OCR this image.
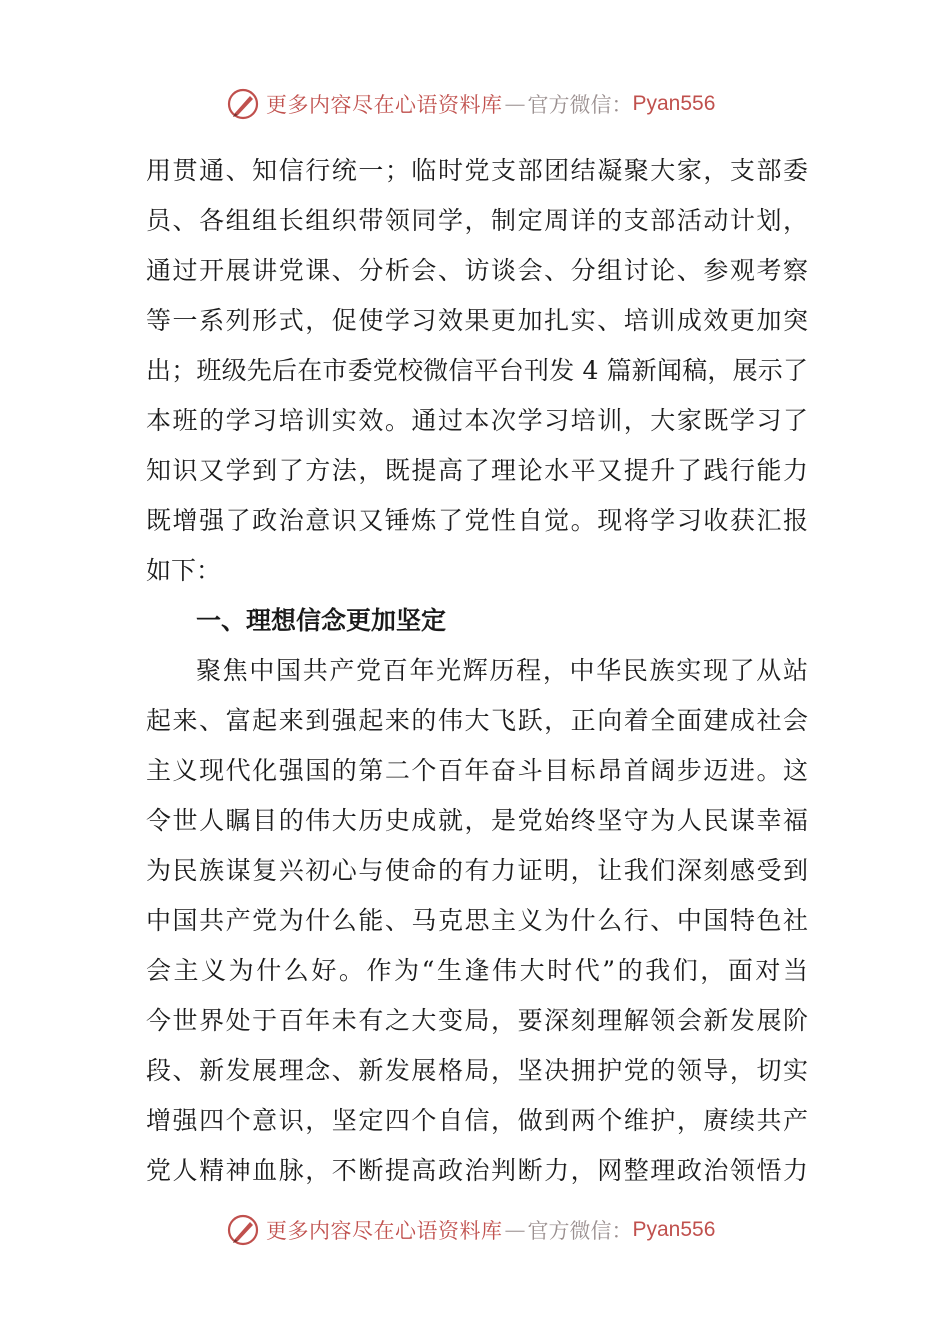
更多内容尽在心语资料库 — 官方微信： Pyan556
用贯通、知信行统一；临时党支部团结凝聚大家，支部委
员、各组组长组织带领同学，制定周详的支部活动计划，
通过开展讲党课、分析会、访谈会、分组讨论、参观考察
等一系列形式，促使学习效果更加扎实、培训成效更加突
出；班级先后在市委党校微信平台刊发 4 篇新闻稿，展示了
本班的学习培训实效。通过本次学习培训，大家既学习了
知识又学到了方法，既提高了理论水平又提升了践行能力
既增强了政治意识又锤炼了党性自觉。现将学习收获汇报
如下：
一、理想信念更加坚定
聚焦中国共产党百年光辉历程，中华民族实现了从站
起来、富起来到强起来的伟大飞跃，正向着全面建成社会
主义现代化强国的第二个百年奋斗目标昂首阔步迈进。这
令世人瞩目的伟大历史成就，是党始终坚守为人民谋幸福
为民族谋复兴初心与使命的有力证明，让我们深刻感受到
中国共产党为什么能、马克思主义为什么行、中国特色社
会主义为什么好。作为“生逢伟大时代”的我们，面对当
今世界处于百年未有之大变局，要深刻理解领会新发展阶
段、新发展理念、新发展格局，坚决拥护党的领导，切实
增强四个意识，坚定四个自信，做到两个维护，赓续共产
党人精神血脉，不断提高政治判断力，网整理政治领悟力
更多内容尽在心语资料库 — 官方微信： Pyan556
